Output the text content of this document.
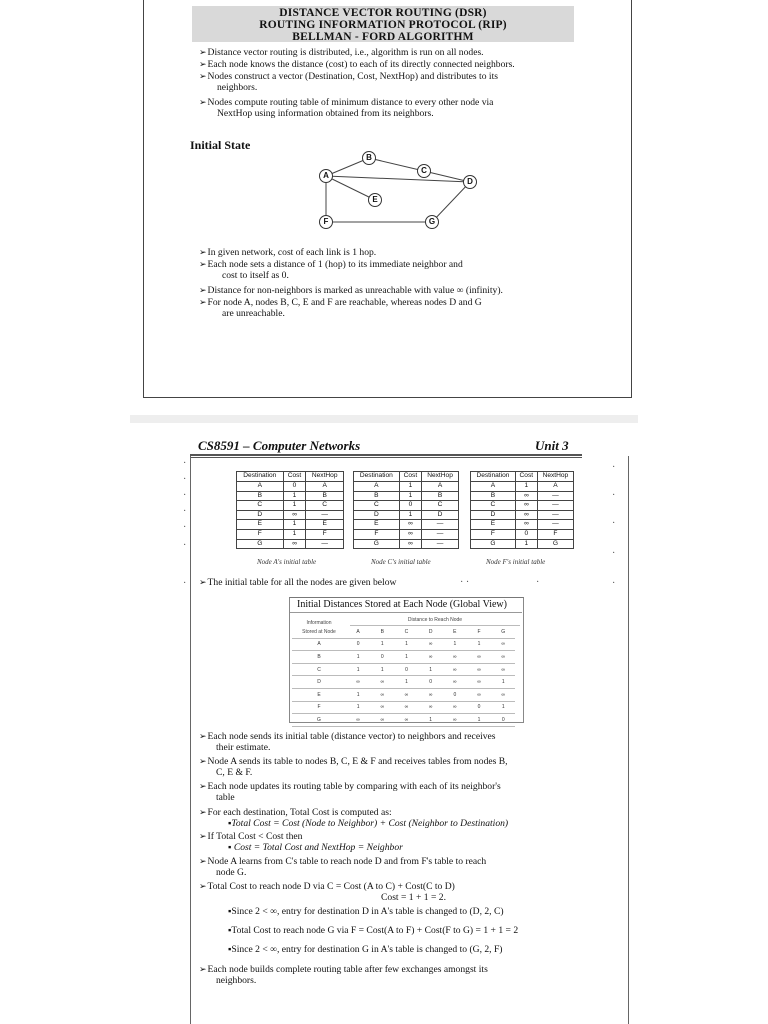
DISTANCE VECTOR ROUTING (DSR)
ROUTING INFORMATION PROTOCOL (RIP)
BELLMAN - FORD ALGORITHM
➢Distance vector routing is distributed, i.e., algorithm is run on all nodes.
➢Each node knows the distance (cost) to each of its directly connected neighbors.
➢Nodes construct a vector (Destination, Cost, NextHop) and distributes to its
neighbors.
➢Nodes compute routing table of minimum distance to every other node via
NextHop using information obtained from its neighbors.
Initial State
A
B
C
D
E
F	G
➢In given network, cost of each link is 1 hop.
➢Each node sets a distance of 1 (hop) to its immediate neighbor and
cost to itself as 0.
➢Distance for non-neighbors is marked as unreachable with value ∞ (infinity).
➢For node A, nodes B, C, E and F are reachable, whereas nodes D and G
are unreachable.
CS8591 – Computer Networks	Unit 3
·
·
·
·
·
·
·
·
·
·
·
·
· ·	·
Destination	Cost	NextHop
A	0	A
B	1	B
C	1	C
D	∞	—
E	1	E
F	1	F
G	∞	—
Node A's initial table
Destination	Cost	NextHop
A	1	A
B	1	B
C	0	C
D	1	D
E	∞	—
F	∞	—
G	∞	—
Node C's initial table
Destination	Cost	NextHop
A	1	A
B	∞	—
C	∞	—
D	∞	—
E	∞	—
F	0	F
G	1	G
Node F's initial table
➢The initial table for all the nodes are given below
Initial Distances Stored at Each Node (Global View)
Information
Stored at Node
Distance to Reach Node
	A	B	C	D	E	F	G
A	0	1	1	∞	1	1	∞
B	1	0	1	∞	∞	∞	∞
C	1	1	0	1	∞	∞	∞
D	∞	∞	1	0	∞	∞	1
E	1	∞	∞	∞	0	∞	∞
F	1	∞	∞	∞	∞	0	1
G	∞	∞	∞	1	∞	1	0
➢Each node sends its initial table (distance vector) to neighbors and receives
their estimate.
➢Node A sends its table to nodes B, C, E & F and receives tables from nodes B,
C, E & F.
➢Each node updates its routing table by comparing with each of its neighbor's
table
➢For each destination, Total Cost is computed as:
▪Total Cost = Cost (Node to Neighbor) + Cost (Neighbor to Destination)
➢If Total Cost < Cost then
▪ Cost = Total Cost and NextHop = Neighbor
➢Node A learns from C's table to reach node D and from F's table to reach
node G.
➢Total Cost to reach node D via C = Cost (A to C) + Cost(C to D)
Cost = 1 + 1 = 2.
▪Since 2 < ∞, entry for destination D in A's table is changed to (D, 2, C)
▪Total Cost to reach node G via F = Cost(A to F) + Cost(F to G) = 1 + 1 = 2
▪Since 2 < ∞, entry for destination G in A's table is changed to (G, 2, F)
➢Each node builds complete routing table after few exchanges amongst its
neighbors.
